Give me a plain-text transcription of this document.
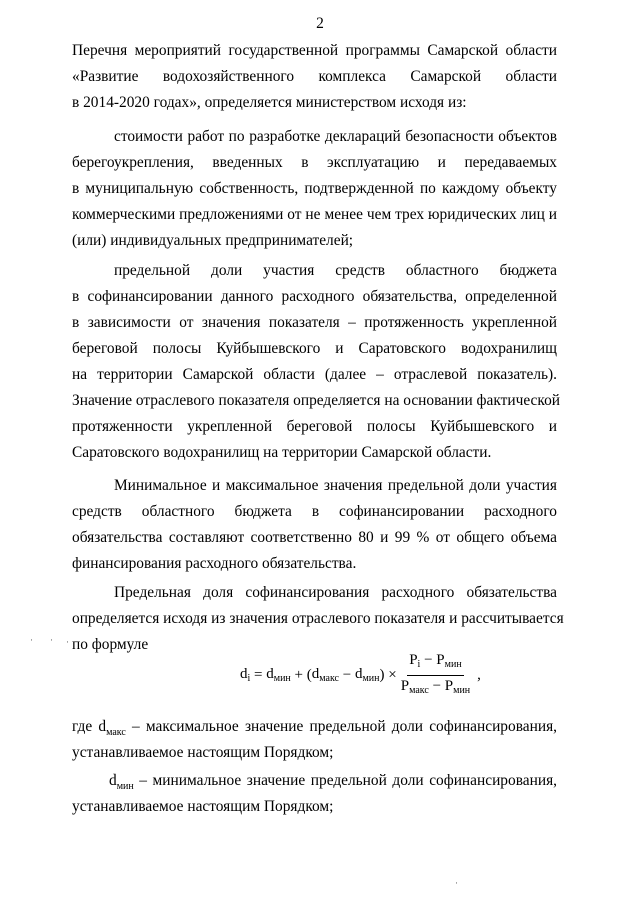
2
Перечня мероприятий государственной программы Самарской области
«Развитие водохозяйственного комплекса Самарской области
в 2014-2020 годах», определяется министерством исходя из:
стоимости работ по разработке деклараций безопасности объектов
берегоукрепления, введенных в эксплуатацию и передаваемых
в муниципальную собственность, подтвержденной по каждому объекту
коммерческими предложениями от не менее чем трех юридических лиц и
(или) индивидуальных предпринимателей;
предельной доли участия средств областного бюджета
в софинансировании данного расходного обязательства, определенной
в зависимости от значения показателя – протяженность укрепленной
береговой полосы Куйбышевского и Саратовского водохранилищ
на территории Самарской области (далее – отраслевой показатель).
Значение отраслевого показателя определяется на основании фактической
протяженности укрепленной береговой полосы Куйбышевского и
Саратовского водохранилищ на территории Самарской области.
Минимальное и максимальное значения предельной доли участия
средств областного бюджета в софинансировании расходного
обязательства составляют соответственно 80 и 99 % от общего объема
финансирования расходного обязательства.
Предельная доля софинансирования расходного обязательства
определяется исходя из значения отраслевого показателя и рассчитывается
по формуле
$d_i = d_{мин}$ + ( $d_{макс} - d_{мин}$ ) × $\frac{P_i - P_{мин}}{P_{макс} - P_{мин}}$ ,
где $d_{макс}$ – максимальное значение предельной доли софинансирования,
устанавливаемое настоящим Порядком;
$d_{мин}$ – минимальное значение предельной доли софинансирования,
устанавливаемое настоящим Порядком;
· · ·
·
